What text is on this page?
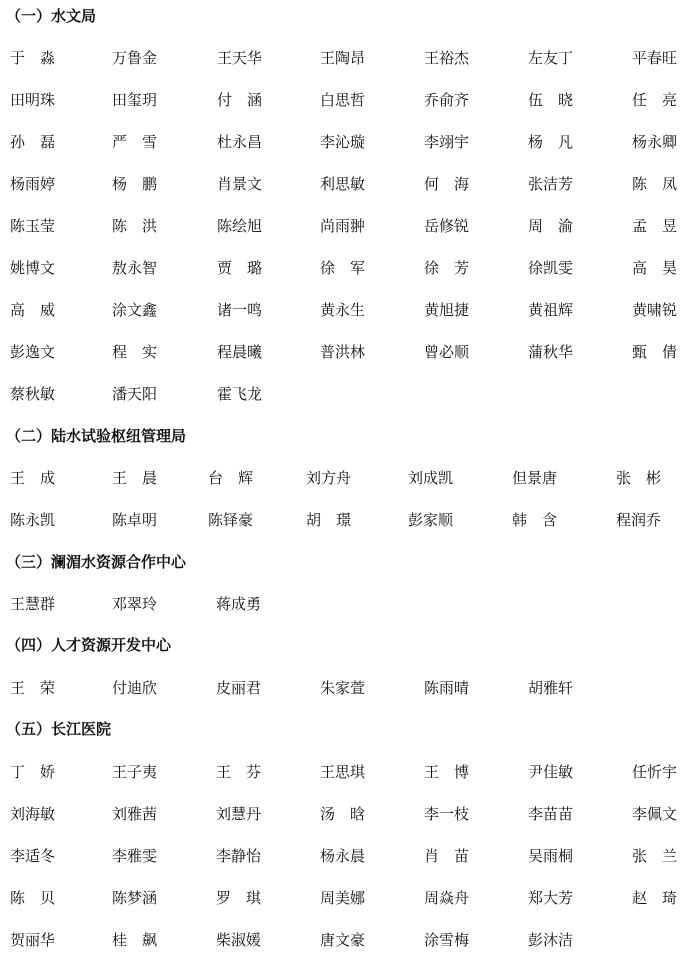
（一）水文局
于　淼	万鲁金	王天华	王陶昂	王裕杰	左友丁	平春旺
田明珠	田玺玥	付　涵	白思哲	乔俞齐	伍　晓	任　亮
孙　磊	严　雪	杜永昌	李沁璇	李翊宇	杨　凡	杨永卿
杨雨婷	杨　鹏	肖景文	利思敏	何　海	张洁芳	陈　凤
陈玉莹	陈　洪	陈绘旭	尚雨翀	岳修锐	周　渝	孟　昱
姚博文	敖永智	贾　璐	徐　军	徐　芳	徐凯雯	高　昊
高　威	涂文鑫	诸一鸣	黄永生	黄旭捷	黄祖辉	黄啸锐
彭逸文	程　实	程晨曦	普洪林	曾必顺	蒲秋华	甄　倩
蔡秋敏	潘天阳	霍飞龙
（二）陆水试验枢纽管理局
王　成	王　晨	台　辉	刘方舟	刘成凯	但景唐	张　彬
陈永凯	陈卓明	陈铎豪	胡　璟	彭家顺	韩　含	程润乔
（三）澜湄水资源合作中心
王慧群	邓翠玲	蒋成勇
（四）人才资源开发中心
王　荣	付迪欣	皮丽君	朱家萱	陈雨晴	胡雅轩
（五）长江医院
丁　娇	王子夷	王　芬	王思琪	王　博	尹佳敏	任忻宇
刘海敏	刘雅茜	刘慧丹	汤　晗	李一枝	李苗苗	李佩文
李适冬	李雅雯	李静怡	杨永晨	肖　苗	吴雨桐	张　兰
陈　贝	陈梦涵	罗　琪	周美娜	周焱舟	郑大芳	赵　琦
贺丽华	桂　飙	柴淑媛	唐文豪	涂雪梅	彭沐洁
